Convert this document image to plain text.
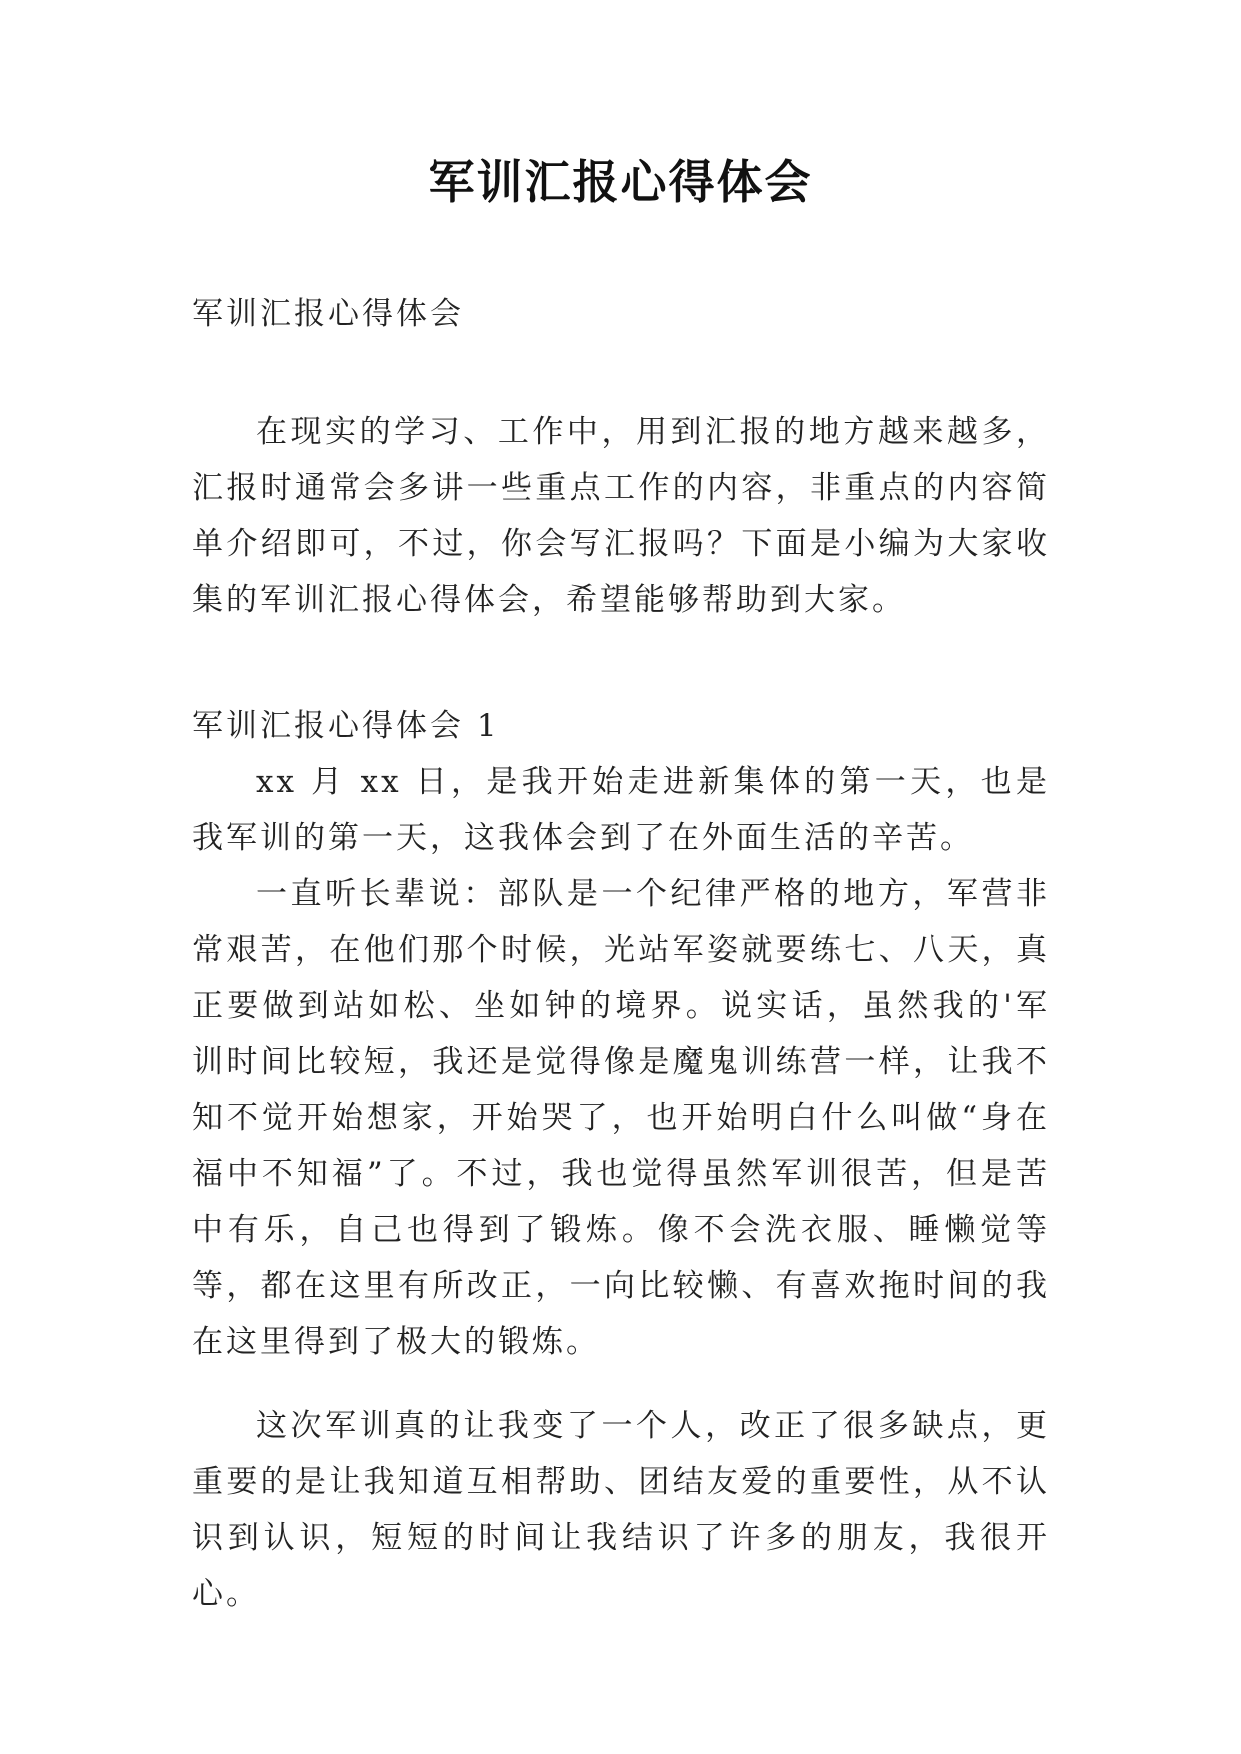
军训汇报心得体会
军训汇报心得体会

在现实的学习、工作中，用到汇报的地方越来越多，汇报时通常会多讲一些重点工作的内容，非重点的内容简单介绍即可，不过，你会写汇报吗？下面是小编为大家收集的军训汇报心得体会，希望能够帮助到大家。

军训汇报心得体会 1

xx 月 xx 日，是我开始走进新集体的第一天，也是我军训的第一天，这我体会到了在外面生活的辛苦。

一直听长辈说：部队是一个纪律严格的地方，军营非常艰苦，在他们那个时候，光站军姿就要练七、八天，真正要做到站如松、坐如钟的境界。说实话，虽然我的'军训时间比较短，我还是觉得像是魔鬼训练营一样，让我不知不觉开始想家，开始哭了，也开始明白什么叫做“身在福中不知福”了。不过，我也觉得虽然军训很苦，但是苦中有乐，自己也得到了锻炼。像不会洗衣服、睡懒觉等等，都在这里有所改正，一向比较懒、有喜欢拖时间的我在这里得到了极大的锻炼。

这次军训真的让我变了一个人，改正了很多缺点，更重要的是让我知道互相帮助、团结友爱的重要性，从不认识到认识，短短的时间让我结识了许多的朋友，我很开心。
